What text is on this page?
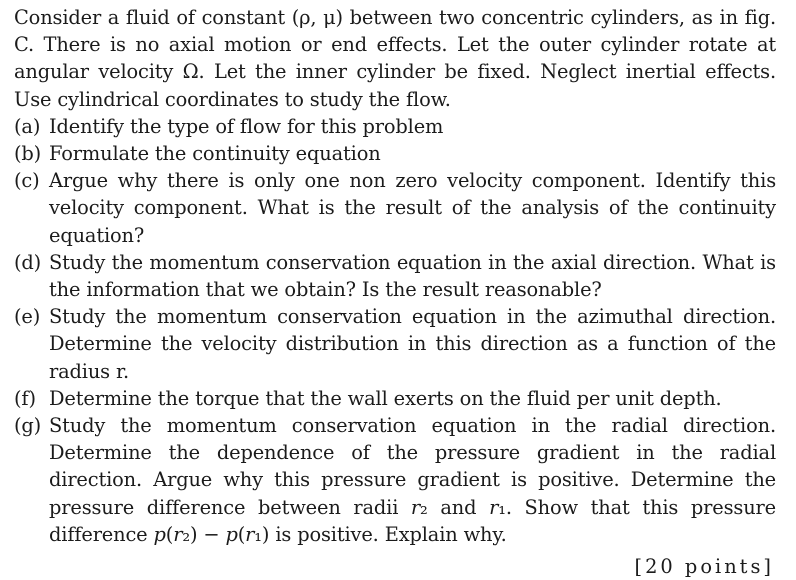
Consider a fluid of constant (ρ, μ) between two concentric cylinders, as in fig. C. There is no axial motion or end effects. Let the outer cylinder rotate at angular velocity Ω. Let the inner cylinder be fixed. Neglect inertial effects. Use cylindrical coordinates to study the flow.

(a) Identify the type of flow for this problem
(b) Formulate the continuity equation
(c) Argue why there is only one non zero velocity component. Identify this velocity component. What is the result of the analysis of the continuity equation?
(d) Study the momentum conservation equation in the axial direction. What is the information that we obtain? Is the result reasonable?
(e) Study the momentum conservation equation in the azimuthal direction. Determine the velocity distribution in this direction as a function of the radius r.
(f) Determine the torque that the wall exerts on the fluid per unit depth.
(g) Study the momentum conservation equation in the radial direction. Determine the dependence of the pressure gradient in the radial direction. Argue why this pressure gradient is positive. Determine the pressure difference between radii 𝑟₂ and 𝑟₁. Show that this pressure difference 𝑝(𝑟₂) − 𝑝(𝑟₁) is positive. Explain why.
[20 points]
